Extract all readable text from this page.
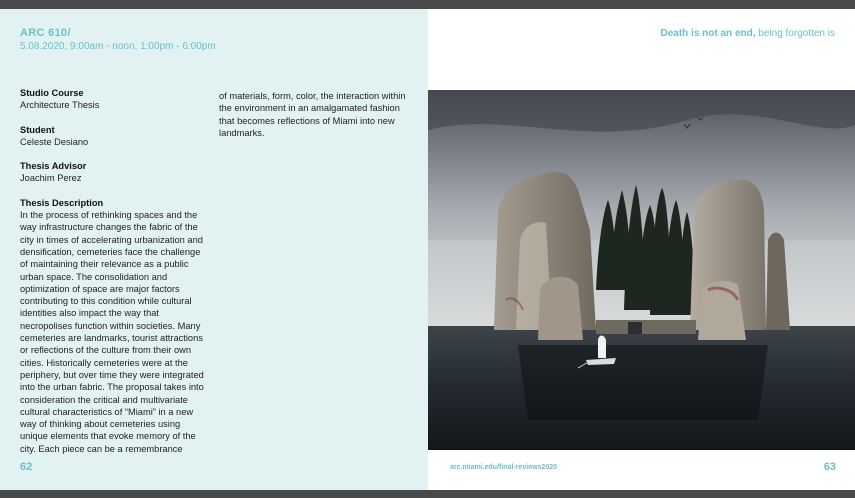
ARC 610/
5.08.2020, 9:00am - noon, 1:00pm - 6:00pm
Studio Course
Architecture Thesis
Student
Celeste Desiano
Thesis Advisor
Joachim Perez
Thesis Description
In the process of rethinking spaces and the way infrastructure changes the fabric of the city in times of accelerating urbanization and densification, cemeteries face the challenge of maintaining their relevance as a public urban space. The consolidation and optimization of space are major factors contributing to this condition while cultural identities also impact the way that necropolises function within societies. Many cemeteries are landmarks, tourist attractions or reflections of the culture from their own cities. Historically cemeteries were at the periphery, but over time they were integrated into the urban fabric. The proposal takes into consideration the critical and multivariate cultural characteristics of “Miami” in a new way of thinking about cemeteries using unique elements that evoke memory of the city. Each piece can be a remembrance
of materials, form, color, the interaction within the environment in an amalgamated fashion that becomes reflections of Miami into new landmarks.
62
Death is not an end, being forgotten is
arc.miami.edu/final-reviews2020	63
